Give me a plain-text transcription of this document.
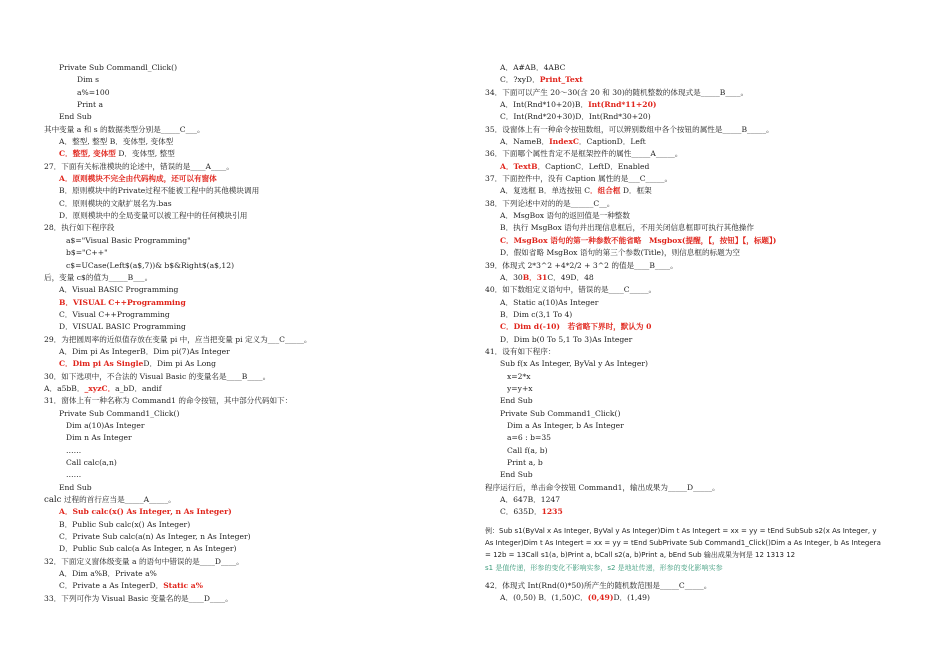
Private Sub Commandl_Click()
Dim s
a%=100
Print a
End Sub
其中变量 a 和 s 的数据类型分别是_____C___。
A．整型, 整型 B．变体型, 变体型
C．整型, 变体型 D．变体型, 整型
27．下面有关标准模块的论述中，错误的是____A____。
A．原则模块不完全由代码构成，还可以有窗体
B．原则模块中的Private过程不能被工程中的其他模块调用
C．原则模块的文献扩展名为.bas
D．原则模块中的全局变量可以被工程中的任何模块引用
28．执行如下程序段
a$="Visual Basic Programming"
b$="C++"
c$=UCase(Left$(a$,7))& b$&Right$(a$,12)
后，变量 c$的值为_____B___。
A．Visual BASIC Programming
B．VISUAL C++Programming
C．Visual C++Programming
D．VISUAL BASIC Programming
29．为把圆周率的近似值存放在变量 pi 中，应当把变量 pi 定义为___C_____。
A．Dim pi As IntegerB．Dim pi(7)As Integer
C．Dim pi As SingleD．Dim pi As Long
30．如下选项中，不合法的 Visual Basic 的变量名是____B____。
A．a5bB．_xyzC．a_bD．andif
31．窗体上有一种名称为 Command1 的命令按钮，其中部分代码如下：
Private Sub Command1_Click()
Dim a(10)As Integer
Dim n As Integer
……
Call calc(a,n)
……
End Sub
calc 过程的首行应当是_____A_____。
A．Sub calc(x() As Integer, n As Integer)
B．Public Sub calc(x() As Integer)
C．Private Sub calc(a(n) As Integer, n As Integer)
D．Public Sub calc(a As Integer, n As Integer)
32．下面定义窗体级变量 a 的语句中错误的是____D____。
A．Dim a%B．Private a%
C．Private a As IntegerD．Static a%
33．下列可作为 Visual Basic 变量名的是____D____。
A．A#AB．4ABC
C．?xyD．Print_Text
34．下面可以产生 20～30(含 20 和 30)的随机整数的体现式是_____B____。
A．Int(Rnd*10+20)B．Int(Rnd*11+20)
C．Int(Rnd*20+30)D．Int(Rnd*30+20)
35．设窗体上有一种命令按钮数组，可以辨别数组中各个按钮的属性是_____B_____。
A．NameB．IndexC．CaptionD．Left
36．下面哪个属性肯定不是框架控件的属性_____A_____。
A．TextB．CaptionC．LeftD．Enabled
37．下面控件中，没有 Caption 属性的是___C_____。
A．复选框 B．单选按钮 C．组合框 D．框架
38．下列论述中对的的是______C__。
A．MsgBox 语句的返回值是一种整数
B．执行 MsgBox 语句并出现信息框后，不用关闭信息框即可执行其他操作
C．MsgBox 语句的第一种参数不能省略　Msgbox(提醒，【，按钮】【，标题】)
D．假如省略 MsgBox 语句的第三个参数(Title)，则信息框的标题为空
39．体现式 2*3^2 +4*2/2 + 3^2 的值是____B____。
A．30B．31C．49D．48
40．如下数组定义语句中，错误的是____C_____。
A．Static a(10)As Integer
B．Dim c(3,1 To 4)
C．Dim d(-10)　若省略下界时，默认为 0
D．Dim b(0 To 5,1 To 3)As Integer
41．设有如下程序：
Sub f(x As Integer, ByVal y As Integer)
x=2*x
y=y+x
End Sub
Private Sub Command1_Click()
Dim a As Integer, b As Integer
a=6 : b=35
Call f(a, b)
Print a, b
End Sub
程序运行后，单击命令按钮 Command1，输出成果为_____D_____。
A．647B．1247
C．635D．1235
例：Sub s1(ByVal x As Integer, ByVal y As Integer)Dim t As Integert = xx = yy = tEnd SubSub s2(x As Integer, y
As Integer)Dim t As Integert = xx = yy = tEnd SubPrivate Sub Command1_Click()Dim a As Integer, b As Integera
= 12b = 13Call s1(a, b)Print a, bCall s2(a, b)Print a, bEnd Sub 输出成果为何是 12 1313 12
s1 是值传递，形参的变化不影响实参，s2 是地址传递，形参的变化影响实参
42．体现式 Int(Rnd(0)*50)所产生的随机数范围是_____C_____。
A．(0,50) B．(1,50)C．(0,49)D．(1,49)
